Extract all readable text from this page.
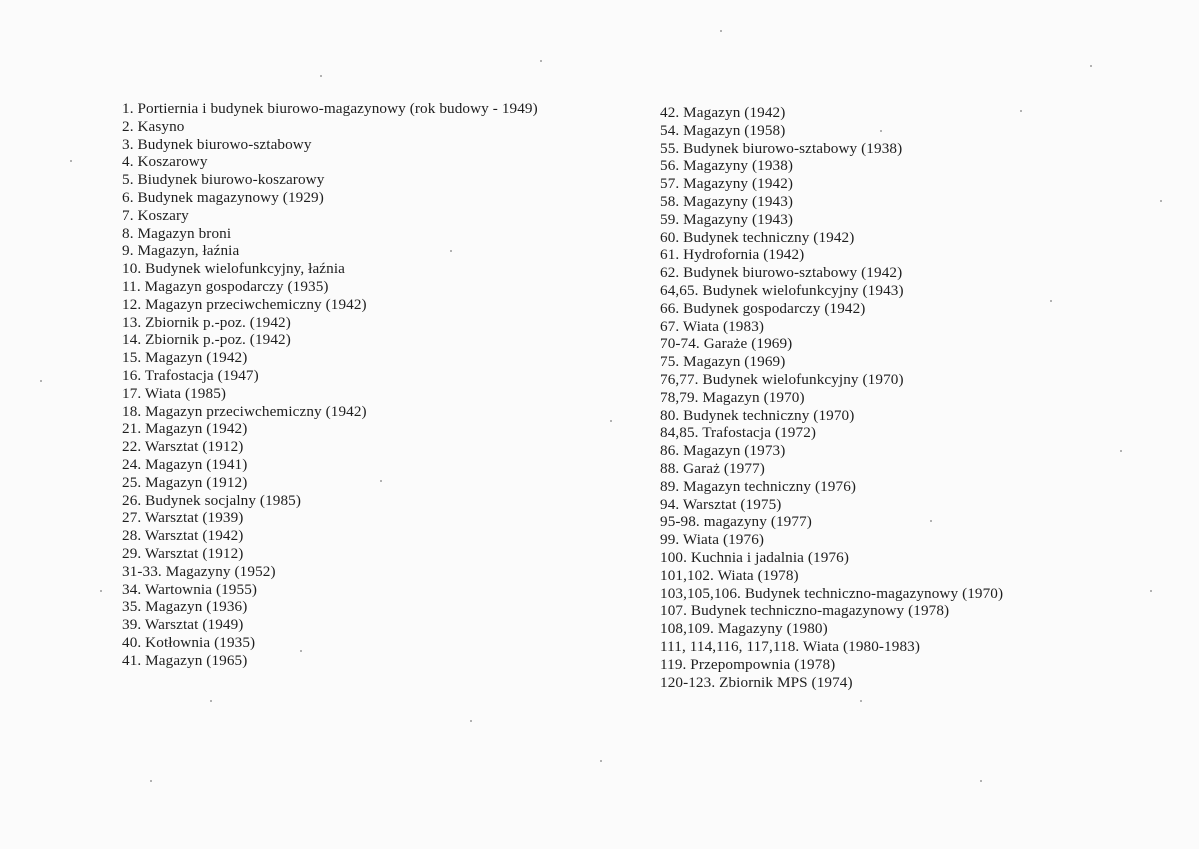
1. Portiernia i budynek biurowo-magazynowy (rok budowy - 1949)
2. Kasyno
3. Budynek biurowo-sztabowy
4. Koszarowy
5. Biudynek biurowo-koszarowy
6. Budynek magazynowy (1929)
7. Koszary
8. Magazyn broni
9. Magazyn, łaźnia
10. Budynek wielofunkcyjny, łaźnia
11. Magazyn gospodarczy (1935)
12. Magazyn przeciwchemiczny (1942)
13. Zbiornik p.-poz. (1942)
14. Zbiornik p.-poz. (1942)
15. Magazyn (1942)
16. Trafostacja (1947)
17. Wiata (1985)
18. Magazyn przeciwchemiczny (1942)
21. Magazyn (1942)
22. Warsztat (1912)
24. Magazyn (1941)
25. Magazyn (1912)
26. Budynek socjalny (1985)
27. Warsztat (1939)
28. Warsztat (1942)
29. Warsztat (1912)
31-33. Magazyny (1952)
34. Wartownia (1955)
35. Magazyn (1936)
39. Warsztat (1949)
40. Kotłownia (1935)
41. Magazyn (1965)
42. Magazyn (1942)
54. Magazyn (1958)
55. Budynek biurowo-sztabowy (1938)
56. Magazyny (1938)
57. Magazyny (1942)
58. Magazyny (1943)
59. Magazyny (1943)
60. Budynek techniczny (1942)
61. Hydrofornia (1942)
62. Budynek biurowo-sztabowy (1942)
64,65. Budynek wielofunkcyjny (1943)
66. Budynek gospodarczy (1942)
67. Wiata (1983)
70-74. Garaże (1969)
75. Magazyn (1969)
76,77. Budynek wielofunkcyjny (1970)
78,79. Magazyn (1970)
80. Budynek techniczny (1970)
84,85. Trafostacja (1972)
86. Magazyn (1973)
88. Garaż (1977)
89. Magazyn techniczny (1976)
94. Warsztat (1975)
95-98. magazyny (1977)
99. Wiata (1976)
100. Kuchnia i jadalnia (1976)
101,102. Wiata (1978)
103,105,106. Budynek techniczno-magazynowy (1970)
107. Budynek techniczno-magazynowy (1978)
108,109. Magazyny (1980)
111, 114,116, 117,118. Wiata (1980-1983)
119. Przepompownia (1978)
120-123. Zbiornik MPS (1974)
